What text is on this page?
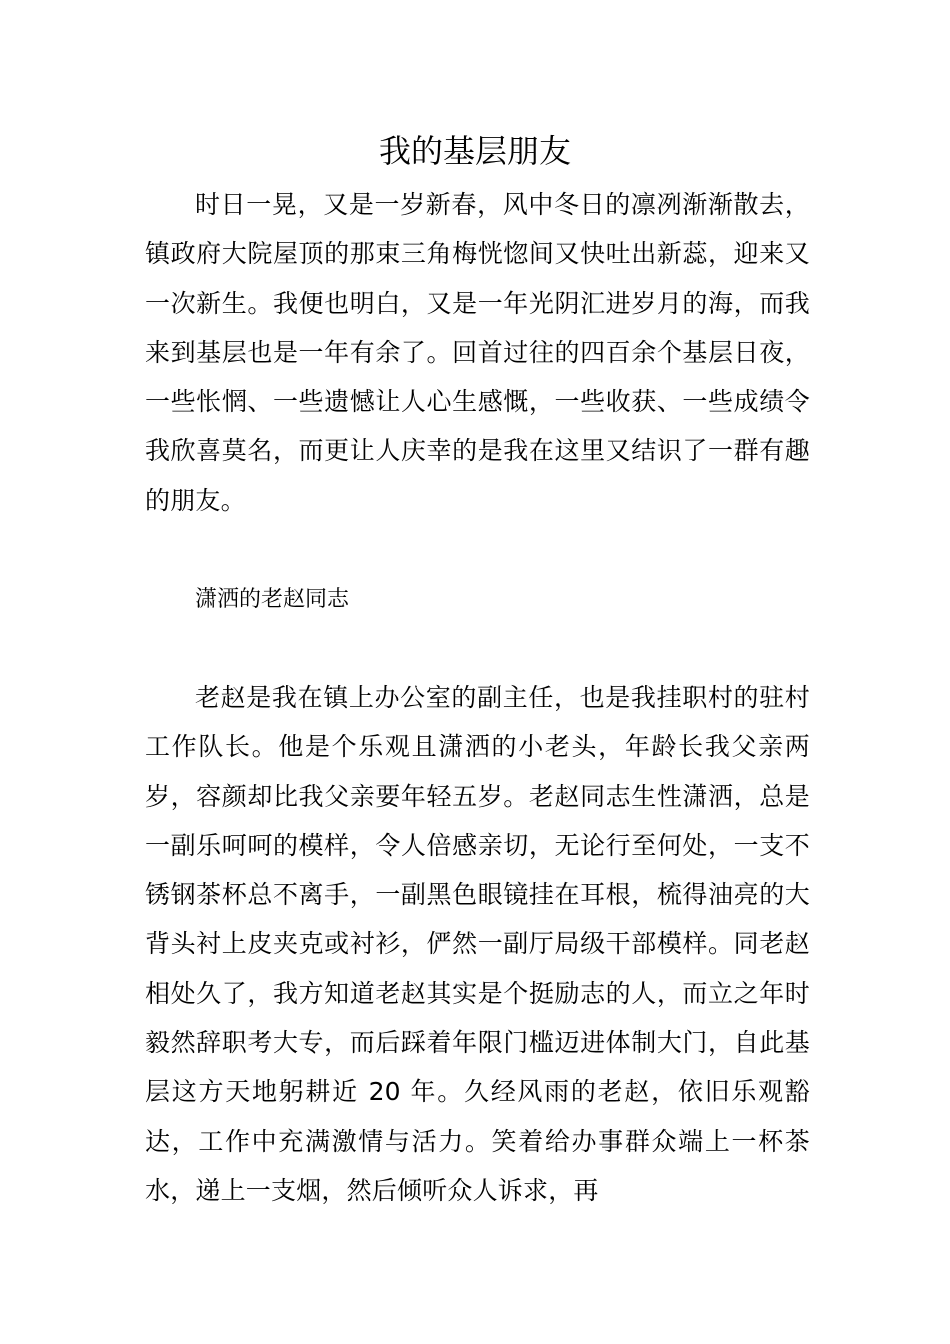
我的基层朋友

时日一晃，又是一岁新春，风中冬日的凛冽渐渐散去，镇政府大院屋顶的那束三角梅恍惚间又快吐出新蕊，迎来又一次新生。我便也明白，又是一年光阴汇进岁月的海，而我来到基层也是一年有余了。回首过往的四百余个基层日夜，一些怅惘、一些遗憾让人心生感慨，一些收获、一些成绩令我欣喜莫名，而更让人庆幸的是我在这里又结识了一群有趣的朋友。

潇洒的老赵同志

老赵是我在镇上办公室的副主任，也是我挂职村的驻村工作队长。他是个乐观且潇洒的小老头，年龄长我父亲两岁，容颜却比我父亲要年轻五岁。老赵同志生性潇洒，总是一副乐呵呵的模样，令人倍感亲切，无论行至何处，一支不锈钢茶杯总不离手，一副黑色眼镜挂在耳根，梳得油亮的大背头衬上皮夹克或衬衫，俨然一副厅局级干部模样。同老赵相处久了，我方知道老赵其实是个挺励志的人，而立之年时毅然辞职考大专，而后踩着年限门槛迈进体制大门，自此基层这方天地躬耕近 20 年。久经风雨的老赵，依旧乐观豁达，工作中充满激情与活力。笑着给办事群众端上一杯茶水，递上一支烟，然后倾听众人诉求，再
